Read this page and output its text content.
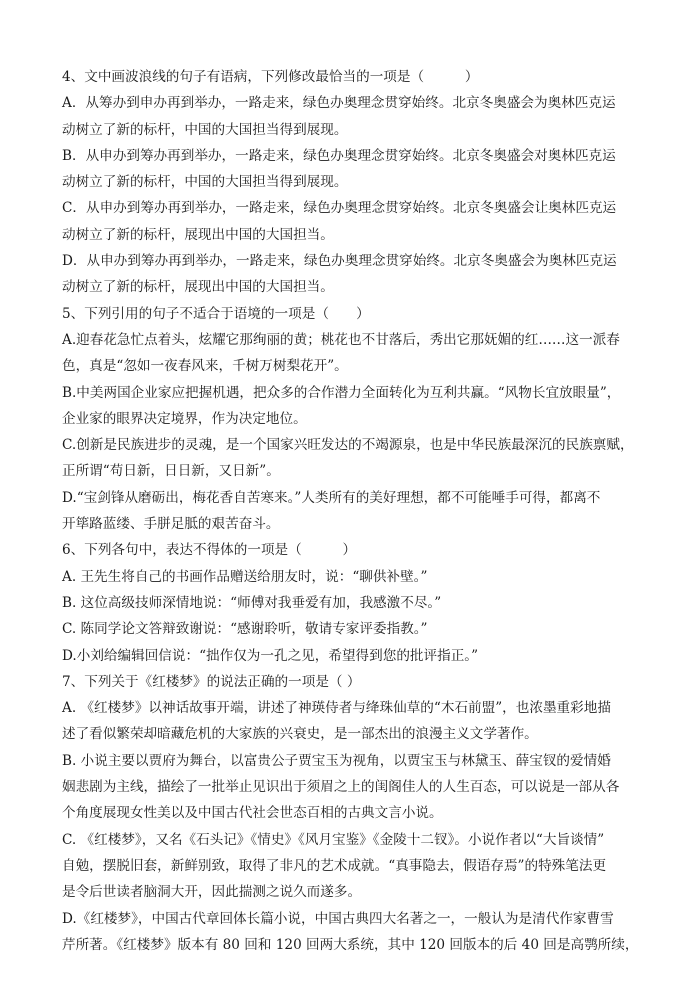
4、文中画波浪线的句子有语病，下列修改最恰当的一项是（　　　）
A．从筹办到申办再到举办，一路走来，绿色办奥理念贯穿始终。北京冬奥盛会为奥林匹克运
动树立了新的标杆，中国的大国担当得到展现。
B．从申办到筹办再到举办，一路走来，绿色办奥理念贯穿始终。北京冬奥盛会对奥林匹克运
动树立了新的标杆，中国的大国担当得到展现。
C．从申办到筹办再到举办，一路走来，绿色办奥理念贯穿始终。北京冬奥盛会让奥林匹克运
动树立了新的标杆，展现出中国的大国担当。
D．从申办到筹办再到举办，一路走来，绿色办奥理念贯穿始终。北京冬奥盛会为奥林匹克运
动树立了新的标杆，展现出中国的大国担当。
5、下列引用的句子不适合于语境的一项是（　　）
A.迎春花急忙点着头，炫耀它那绚丽的黄；桃花也不甘落后，秀出它那妩媚的红……这一派春
色，真是“忽如一夜春风来，千树万树梨花开”。
B.中美两国企业家应把握机遇，把众多的合作潜力全面转化为互利共赢。“风物长宜放眼量”，
企业家的眼界决定境界，作为决定地位。
C.创新是民族进步的灵魂，是一个国家兴旺发达的不竭源泉，也是中华民族最深沉的民族禀赋，
正所谓“苟日新，日日新，又日新”。
D.“宝剑锋从磨砺出，梅花香自苦寒来。”人类所有的美好理想，都不可能唾手可得，都离不
开筚路蓝缕、手胼足胝的艰苦奋斗。
6、下列各句中，表达不得体的一项是（　　　）
A. 王先生将自己的书画作品赠送给朋友时，说：“聊供补壁。”
B. 这位高级技师深情地说：“师傅对我垂爱有加，我感激不尽。”
C. 陈同学论文答辩致谢说：“感谢聆听，敬请专家评委指教。”
D.小刘给编辑回信说：“拙作仅为一孔之见，希望得到您的批评指正。”
7、下列关于《红楼梦》的说法正确的一项是（ ）
A. 《红楼梦》以神话故事开端，讲述了神瑛侍者与绛珠仙草的“木石前盟”，也浓墨重彩地描
述了看似繁荣却暗藏危机的大家族的兴衰史，是一部杰出的浪漫主义文学著作。
B. 小说主要以贾府为舞台，以富贵公子贾宝玉为视角，以贾宝玉与林黛玉、薛宝钗的爱情婚
姻悲剧为主线，描绘了一批举止见识出于须眉之上的闺阁佳人的人生百态，可以说是一部从各
个角度展现女性美以及中国古代社会世态百相的古典文言小说。
C. 《红楼梦》，又名《石头记》《情史》《风月宝鉴》《金陵十二钗》。小说作者以“大旨谈情”
自勉，摆脱旧套，新鲜别致，取得了非凡的艺术成就。“真事隐去，假语存焉”的特殊笔法更
是令后世读者脑洞大开，因此揣测之说久而遂多。
D.《红楼梦》，中国古代章回体长篇小说，中国古典四大名著之一，一般认为是清代作家曹雪
芹所著。《红楼梦》版本有 80 回和 120 回两大系统，其中 120 回版本的后 40 回是高鹗所续，
